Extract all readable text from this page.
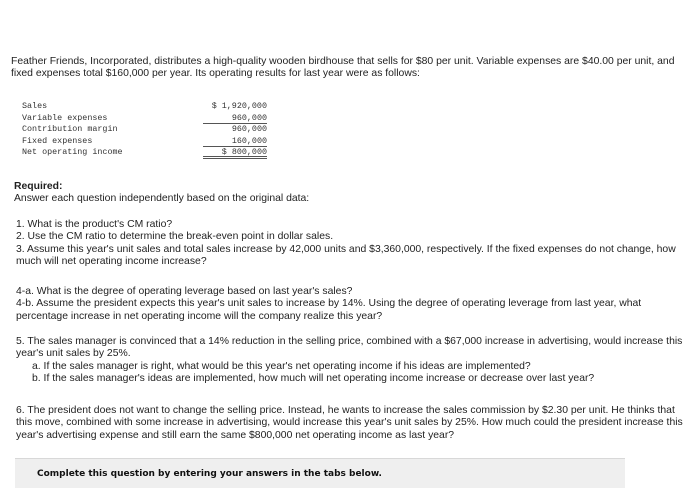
Feather Friends, Incorporated, distributes a high-quality wooden birdhouse that sells for $80 per unit. Variable expenses are $40.00 per unit, and fixed expenses total $160,000 per year. Its operating results for last year were as follows:
Sales	$ 1,920,000
Variable expenses	960,000
Contribution margin	960,000
Fixed expenses	160,000
Net operating income	$ 800,000
Required:
Answer each question independently based on the original data:
1. What is the product's CM ratio?
2. Use the CM ratio to determine the break-even point in dollar sales.
3. Assume this year's unit sales and total sales increase by 42,000 units and $3,360,000, respectively. If the fixed expenses do not change, how much will net operating income increase?
4-a. What is the degree of operating leverage based on last year's sales?
4-b. Assume the president expects this year's unit sales to increase by 14%. Using the degree of operating leverage from last year, what percentage increase in net operating income will the company realize this year?
5. The sales manager is convinced that a 14% reduction in the selling price, combined with a $67,000 increase in advertising, would increase this year's unit sales by 25%.
a. If the sales manager is right, what would be this year's net operating income if his ideas are implemented?
b. If the sales manager's ideas are implemented, how much will net operating income increase or decrease over last year?
6. The president does not want to change the selling price. Instead, he wants to increase the sales commission by $2.30 per unit. He thinks that this move, combined with some increase in advertising, would increase this year's unit sales by 25%. How much could the president increase this year's advertising expense and still earn the same $800,000 net operating income as last year?
Complete this question by entering your answers in the tabs below.
